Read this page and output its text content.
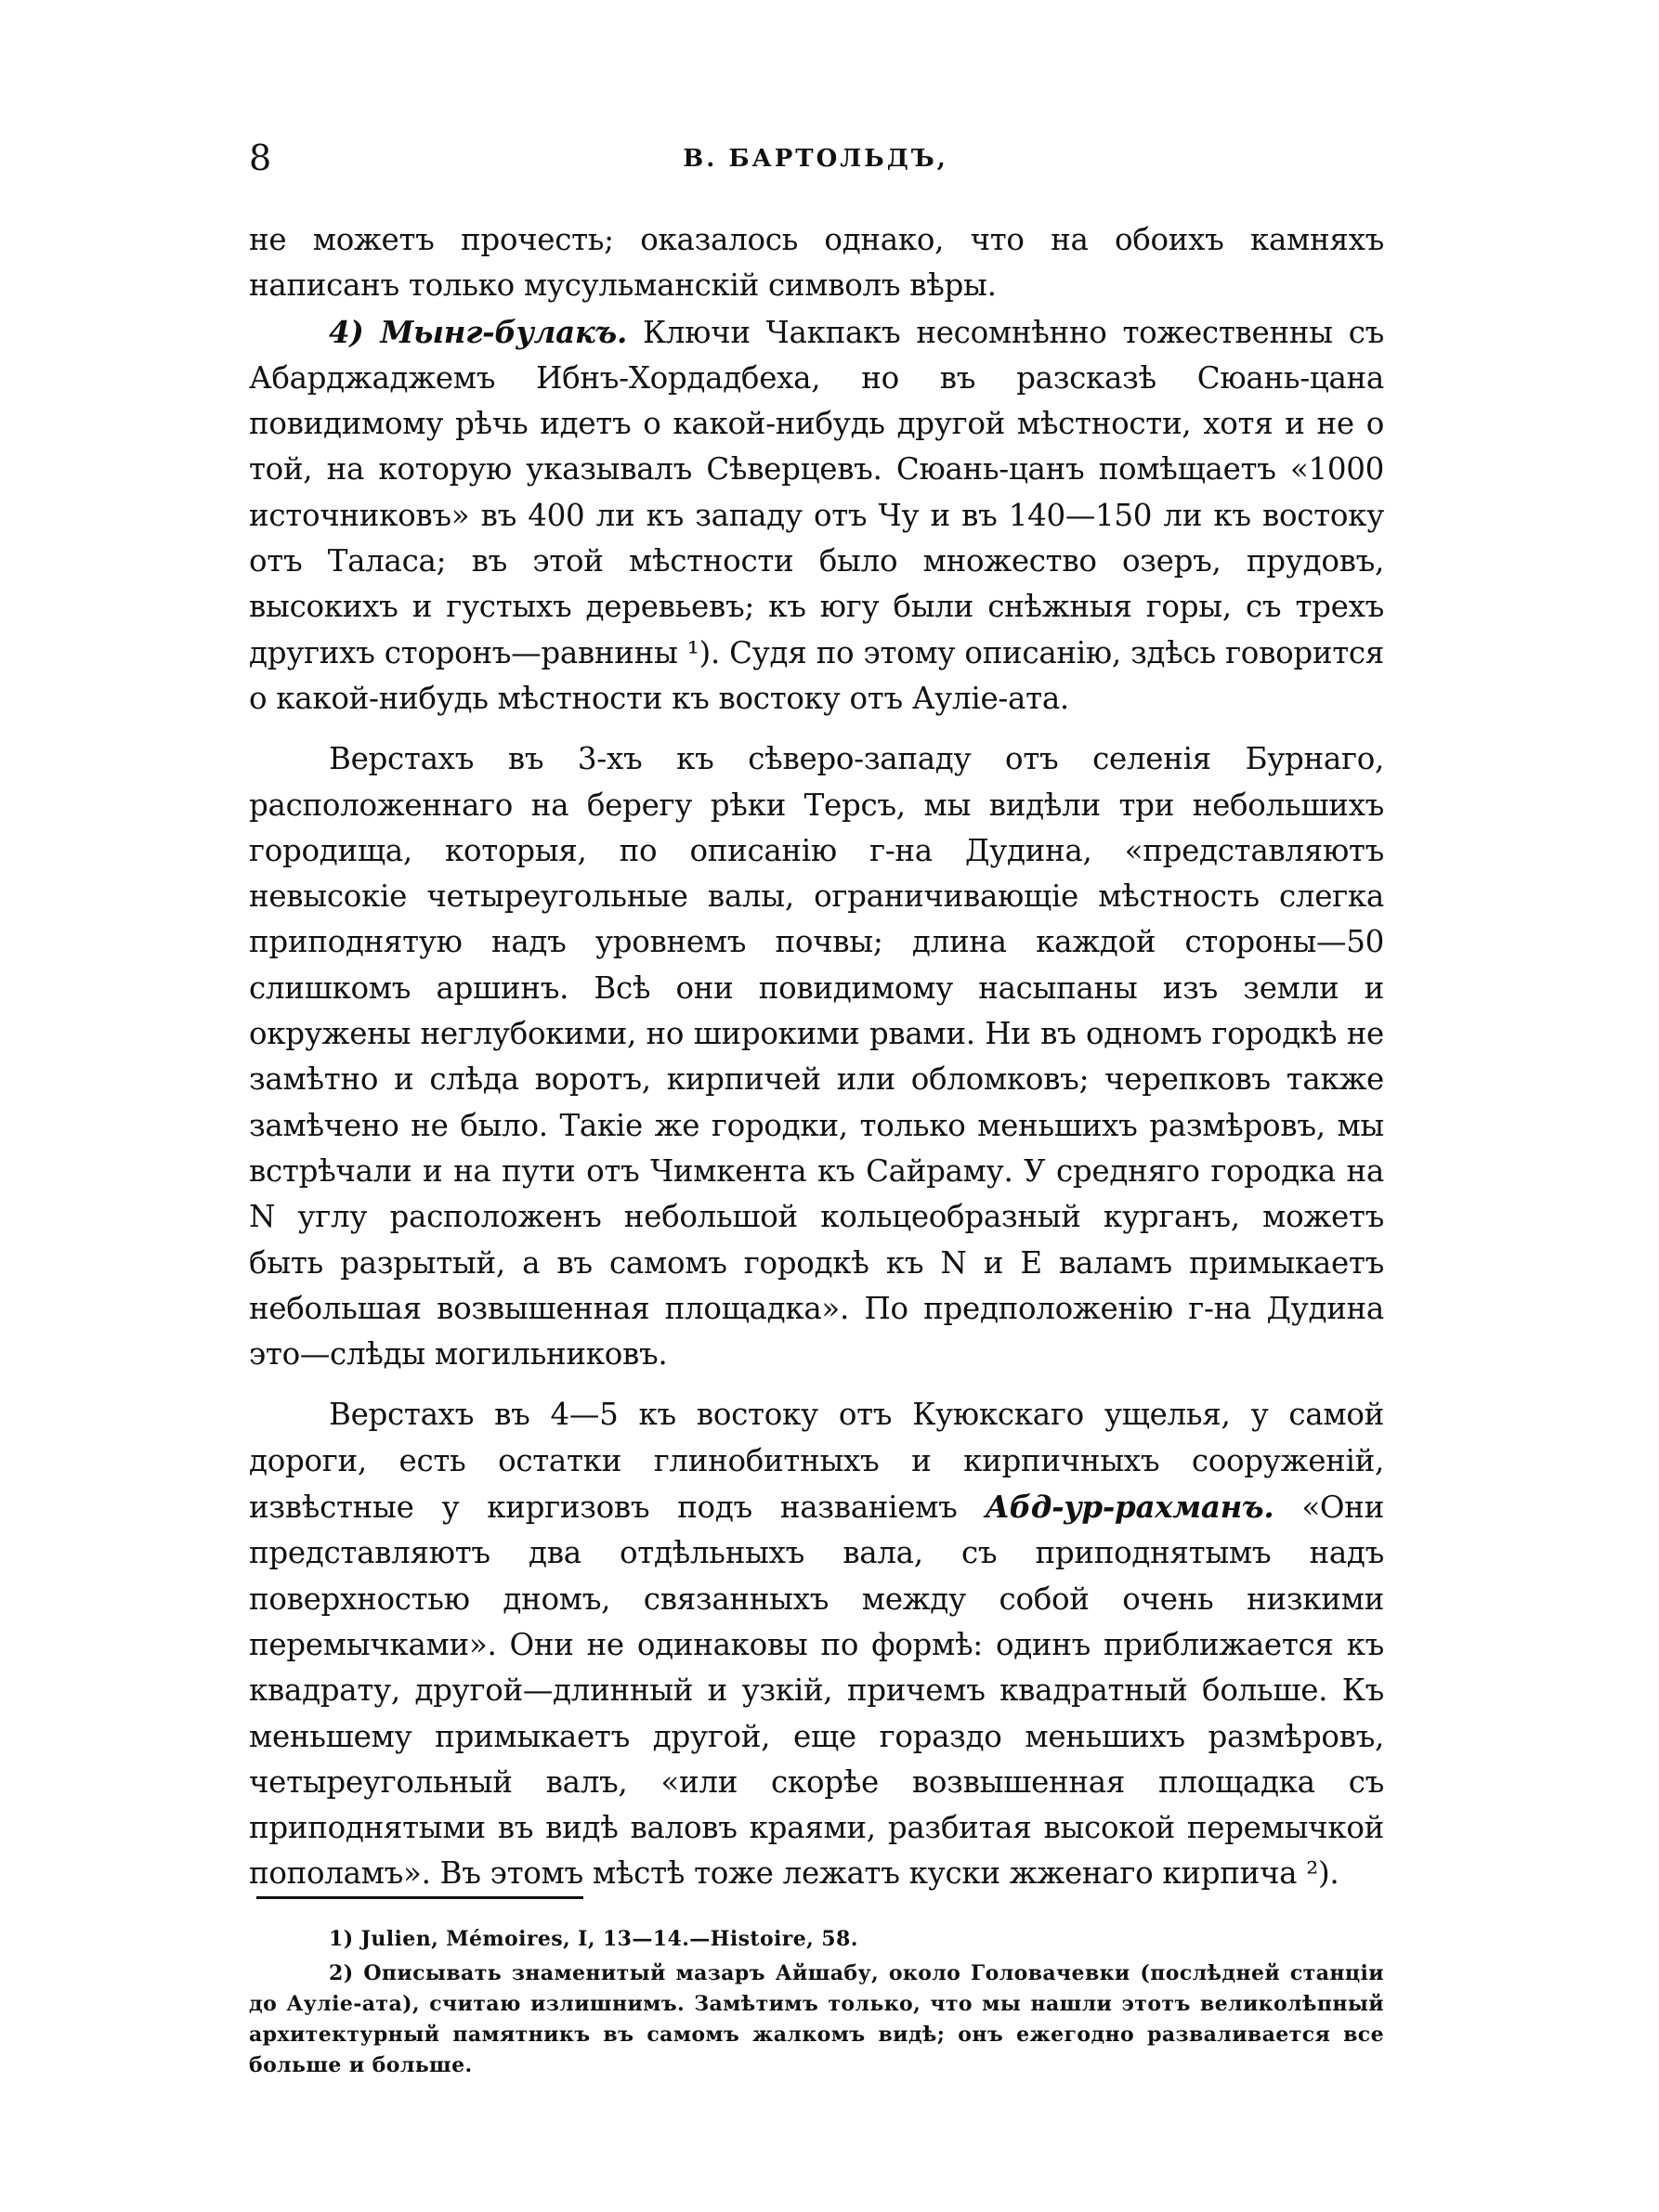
8	В. БАРТОЛЬДЪ,

не можетъ прочесть; оказалось однако, что на обоихъ камняхъ написанъ только мусульманскій символъ вѣры.

4) Мынг-булакъ. Ключи Чакпакъ несомнѣнно тожественны съ Абарджаджемъ Ибнъ-Хордадбеха, но въ разсказѣ Сюань-цана повидимому рѣчь идетъ о какой-нибудь другой мѣстности, хотя и не о той, на которую указывалъ Сѣверцевъ. Сюань-цанъ помѣщаетъ «1000 источниковъ» въ 400 ли къ западу отъ Чу и въ 140—150 ли къ востоку отъ Таласа; въ этой мѣстности было множество озеръ, прудовъ, высокихъ и густыхъ деревьевъ; къ югу были снѣжныя горы, съ трехъ другихъ сторонъ—равнины ¹). Судя по этому описанію, здѣсь говорится о какой-нибудь мѣстности къ востоку отъ Ауліе-ата.

Верстахъ въ 3-хъ къ сѣверо-западу отъ селенія Бурнаго, расположеннаго на берегу рѣки Терсъ, мы видѣли три небольшихъ городища, которыя, по описанію г-на Дудина, «представляютъ невысокіе четыреугольные валы, ограничивающіе мѣстность слегка приподнятую надъ уровнемъ почвы; длина каждой стороны—50 слишкомъ аршинъ. Всѣ они повидимому насыпаны изъ земли и окружены неглубокими, но широкими рвами. Ни въ одномъ городкѣ не замѣтно и слѣда воротъ, кирпичей или обломковъ; черепковъ также замѣчено не было. Такіе же городки, только меньшихъ размѣровъ, мы встрѣчали и на пути отъ Чимкента къ Сайраму. У средняго городка на N углу расположенъ небольшой кольцеобразный курганъ, можетъ быть разрытый, а въ самомъ городкѣ къ N и E валамъ примыкаетъ небольшая возвышенная площадка». По предположенію г-на Дудина это—слѣды могильниковъ.

Верстахъ въ 4—5 къ востоку отъ Куюкскаго ущелья, у самой дороги, есть остатки глинобитныхъ и кирпичныхъ сооруженій, извѣстные у киргизовъ подъ названіемъ Абд-ур-рахманъ. «Они представляютъ два отдѣльныхъ вала, съ приподнятымъ надъ поверхностью дномъ, связанныхъ между собой очень низкими перемычками». Они не одинаковы по формѣ: одинъ приближается къ квадрату, другой—длинный и узкій, причемъ квадратный больше. Къ меньшему примыкаетъ другой, еще гораздо меньшихъ размѣровъ, четыреугольный валъ, «или скорѣе возвышенная площадка съ приподнятыми въ видѣ валовъ краями, разбитая высокой перемычкой пополамъ». Въ этомъ мѣстѣ тоже лежатъ куски жженаго кирпича ²).

1) Julien, Mémoires, I, 13—14.—Histoire, 58.

2) Описывать знаменитый мазаръ Айшабу, около Головачевки (послѣдней станціи до Ауліе-ата), считаю излишнимъ. Замѣтимъ только, что мы нашли этотъ великолѣпный архитектурный памятникъ въ самомъ жалкомъ видѣ; онъ ежегодно разваливается все больше и больше.
